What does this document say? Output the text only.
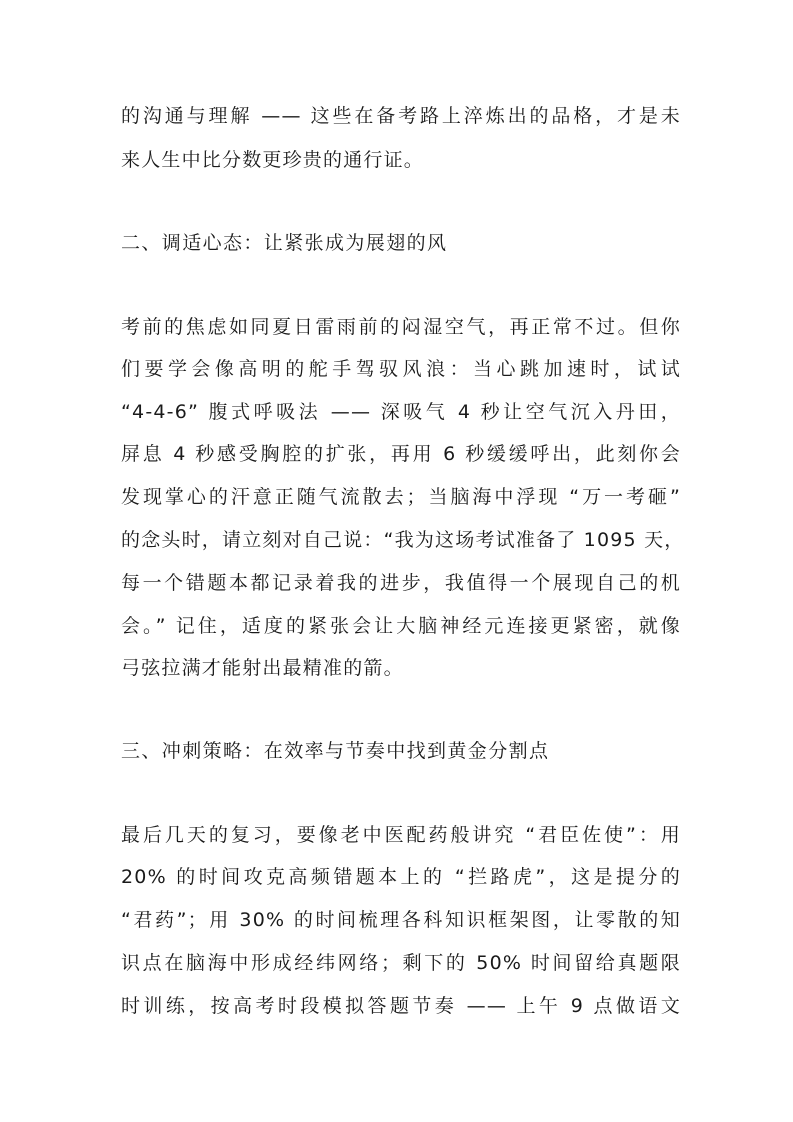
的沟通与理解 —— 这些在备考路上淬炼出的品格，才是未
来人生中比分数更珍贵的通行证。
二、调适心态：让紧张成为展翅的风
考前的焦虑如同夏日雷雨前的闷湿空气，再正常不过。但你
们要学会像高明的舵手驾驭风浪：当心跳加速时，试试
“4-4-6” 腹式呼吸法 —— 深吸气 4 秒让空气沉入丹田，
屏息 4 秒感受胸腔的扩张，再用 6 秒缓缓呼出，此刻你会
发现掌心的汗意正随气流散去；当脑海中浮现 “万一考砸”
的念头时，请立刻对自己说：“我为这场考试准备了 1095 天，
每一个错题本都记录着我的进步，我值得一个展现自己的机
会。” 记住，适度的紧张会让大脑神经元连接更紧密，就像
弓弦拉满才能射出最精准的箭。
三、冲刺策略：在效率与节奏中找到黄金分割点
最后几天的复习，要像老中医配药般讲究 “君臣佐使”：用
20% 的时间攻克高频错题本上的 “拦路虎”，这是提分的
“君药”；用 30% 的时间梳理各科知识框架图，让零散的知
识点在脑海中形成经纬网络；剩下的 50% 时间留给真题限
时训练，按高考时段模拟答题节奏 —— 上午 9 点做语文
